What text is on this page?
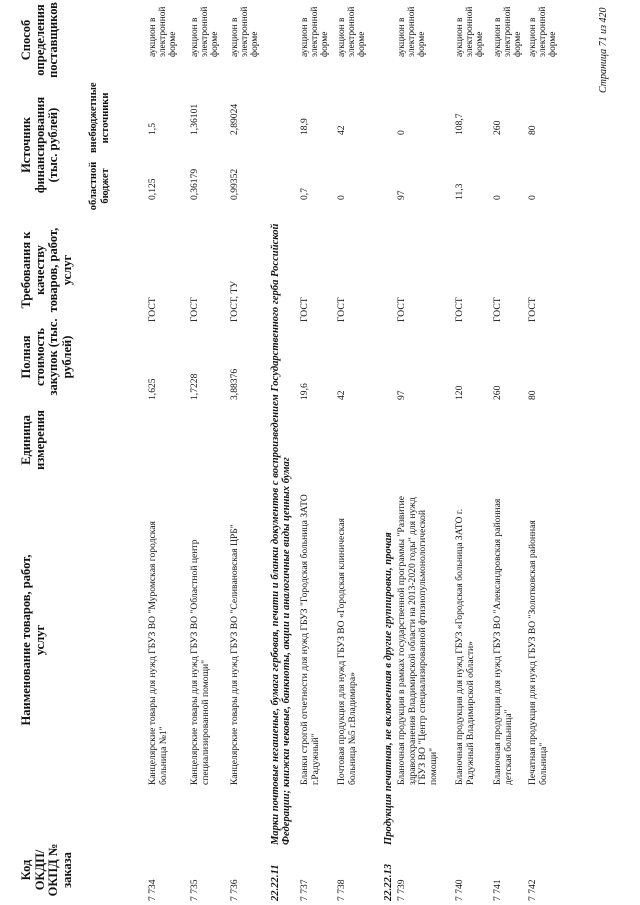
Код ОКДП/ ОКПД № заказа
Наименование товаров, работ, услуг
Единица измерения
Полная стоимость закупок (тыс. рублей)
Требования к качеству товаров, работ, услуг
Источник финансирования (тыс. рублей)
областной бюджет
внебюджетные источники
Способ определения поставщиков
7 734
Канцелярские товары для нужд ГБУЗ ВО "Муромская городская больница №1"
1,625
ГОСТ
0,125
1,5
аукцион в электронной форме
7 735
Канцелярские товары для нужд ГБУЗ ВО "Областной центр специализированной помощи"
1,7228
ГОСТ
0,36179
1,36101
аукцион в электронной форме
7 736
Канцелярские товары для нужд ГБУЗ ВО "Селивановская ЦРБ"
3,88376
ГОСТ, ТУ
0,99352
2,89024
аукцион в электронной форме
22.22.11
Марки почтовые негашеные, бумага гербовая, печати и бланки документов с воспроизведением Государственного герба Российской Федерации; книжки чековые, банкноты, акции и аналогичные виды ценных бумаг
7 737
Бланки строгой отчетности для нужд ГБУЗ "Городская больница ЗАТО г.Радужный"
19,6
ГОСТ
0,7
18,9
аукцион в электронной форме
7 738
Почтовая продукция для нужд ГБУЗ ВО «Городская клиническая больница №5 г.Владимира»
42
ГОСТ
0
42
аукцион в электронной форме
22.22.13
Продукция печатная, не включенная в другие группировки, прочая
7 739
Бланочная продукция в рамках государственной программы "Развитие здравоохранения Владимирской области на 2013-2020 годы" для нужд ГБУЗ ВО "Центр специализированной фтизиопульмонологической помощи"
97
ГОСТ
97
0
аукцион в электронной форме
7 740
Бланочная продукция для нужд ГБУЗ «Городская больница ЗАТО г. Радужный Владимирской области»
120
ГОСТ
11,3
108,7
аукцион в электронной форме
7 741
Бланочная продукция для нужд ГБУЗ ВО "Александровская районная детская больница"
260
ГОСТ
0
260
аукцион в электронной форме
7 742
Печатная продукция для нужд ГБУЗ ВО "Золотковская районная больница"
80
ГОСТ
0
80
аукцион в электронной форме	Страница 71 из 420
